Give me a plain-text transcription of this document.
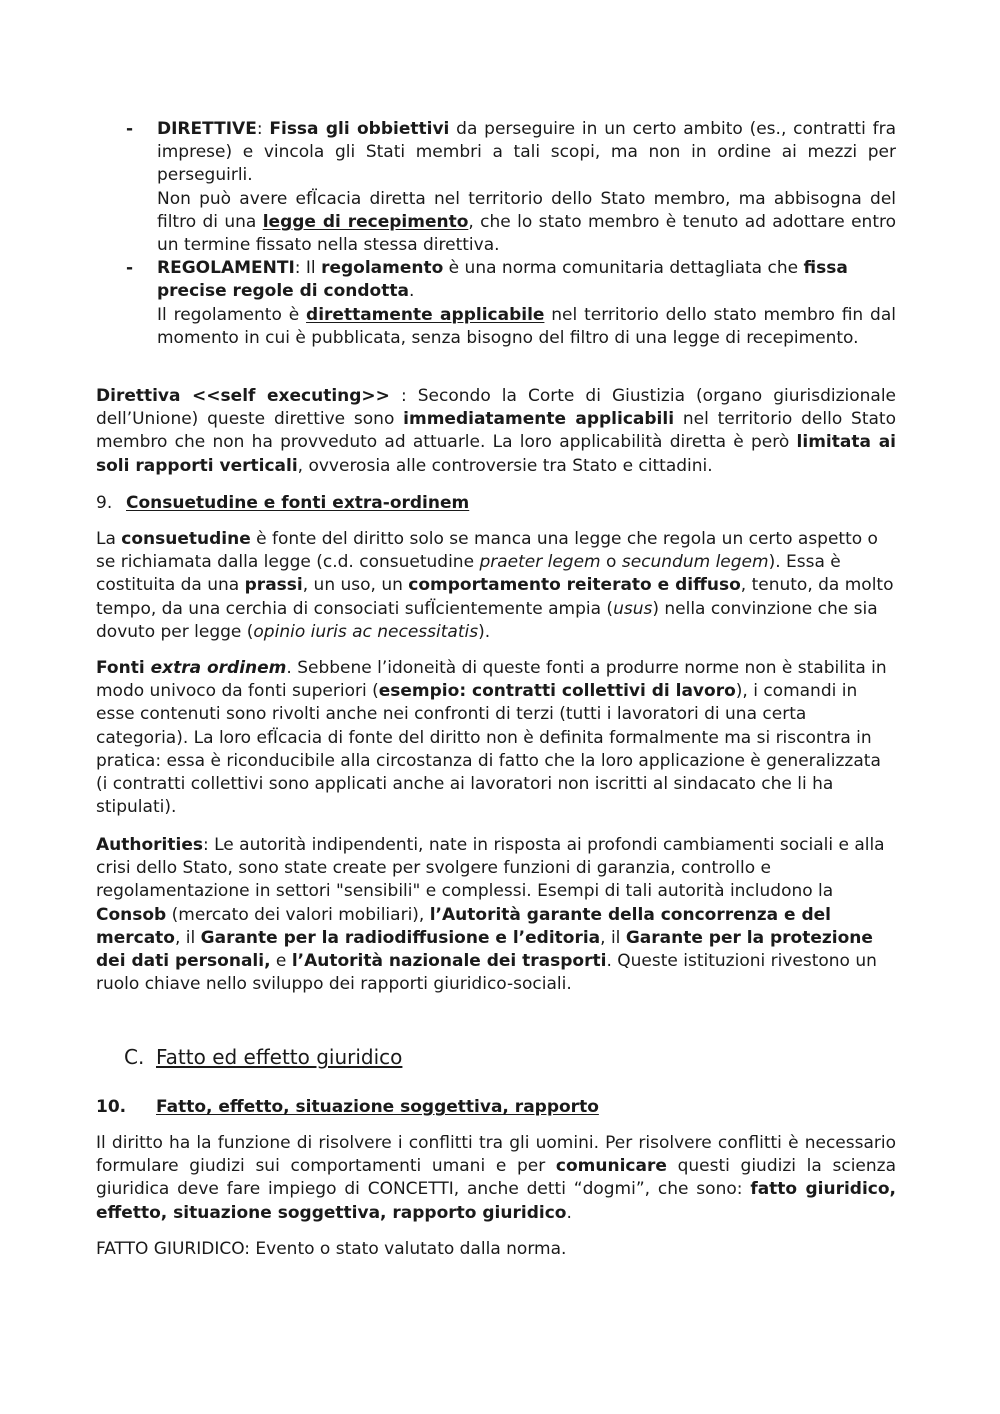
- DIRETTIVE: Fissa gli obbiettivi da perseguire in un certo ambito (es., contratti fra imprese) e vincola gli Stati membri a tali scopi, ma non in ordine ai mezzi per perseguirli.

Non può avere efÏcacia diretta nel territorio dello Stato membro, ma abbisogna del filtro di una legge di recepimento, che lo stato membro è tenuto ad adottare entro un termine fissato nella stessa direttiva.

- REGOLAMENTI: Il regolamento è una norma comunitaria dettagliata che fissa precise regole di condotta.

Il regolamento è direttamente applicabile nel territorio dello stato membro fin dal momento in cui è pubblicata, senza bisogno del filtro di una legge di recepimento.

Direttiva <<self executing>> : Secondo la Corte di Giustizia (organo giurisdizionale dell’Unione) queste direttive sono immediatamente applicabili nel territorio dello Stato membro che non ha provveduto ad attuarle. La loro applicabilità diretta è però limitata ai soli rapporti verticali, ovverosia alle controversie tra Stato e cittadini.

9. Consuetudine e fonti extra-ordinem

La consuetudine è fonte del diritto solo se manca una legge che regola un certo aspetto o se richiamata dalla legge (c.d. consuetudine praeter legem o secundum legem). Essa è costituita da una prassi, un uso, un comportamento reiterato e diffuso, tenuto, da molto tempo, da una cerchia di consociati sufÏcientemente ampia (usus) nella convinzione che sia dovuto per legge (opinio iuris ac necessitatis).

Fonti extra ordinem. Sebbene l’idoneità di queste fonti a produrre norme non è stabilita in modo univoco da fonti superiori (esempio: contratti collettivi di lavoro), i comandi in esse contenuti sono rivolti anche nei confronti di terzi (tutti i lavoratori di una certa categoria). La loro efÏcacia di fonte del diritto non è definita formalmente ma si riscontra in pratica: essa è riconducibile alla circostanza di fatto che la loro applicazione è generalizzata (i contratti collettivi sono applicati anche ai lavoratori non iscritti al sindacato che li ha stipulati).

Authorities: Le autorità indipendenti, nate in risposta ai profondi cambiamenti sociali e alla crisi dello Stato, sono state create per svolgere funzioni di garanzia, controllo e regolamentazione in settori "sensibili" e complessi. Esempi di tali autorità includono la Consob (mercato dei valori mobiliari), l’Autorità garante della concorrenza e del mercato, il Garante per la radiodiffusione e l’editoria, il Garante per la protezione dei dati personali, e l’Autorità nazionale dei trasporti. Queste istituzioni rivestono un ruolo chiave nello sviluppo dei rapporti giuridico-sociali.

C. Fatto ed effetto giuridico
10. Fatto, effetto, situazione soggettiva, rapporto

Il diritto ha la funzione di risolvere i conflitti tra gli uomini. Per risolvere conflitti è necessario formulare giudizi sui comportamenti umani e per comunicare questi giudizi la scienza giuridica deve fare impiego di CONCETTI, anche detti “dogmi”, che sono: fatto giuridico, effetto, situazione soggettiva, rapporto giuridico.

FATTO GIURIDICO: Evento o stato valutato dalla norma.
